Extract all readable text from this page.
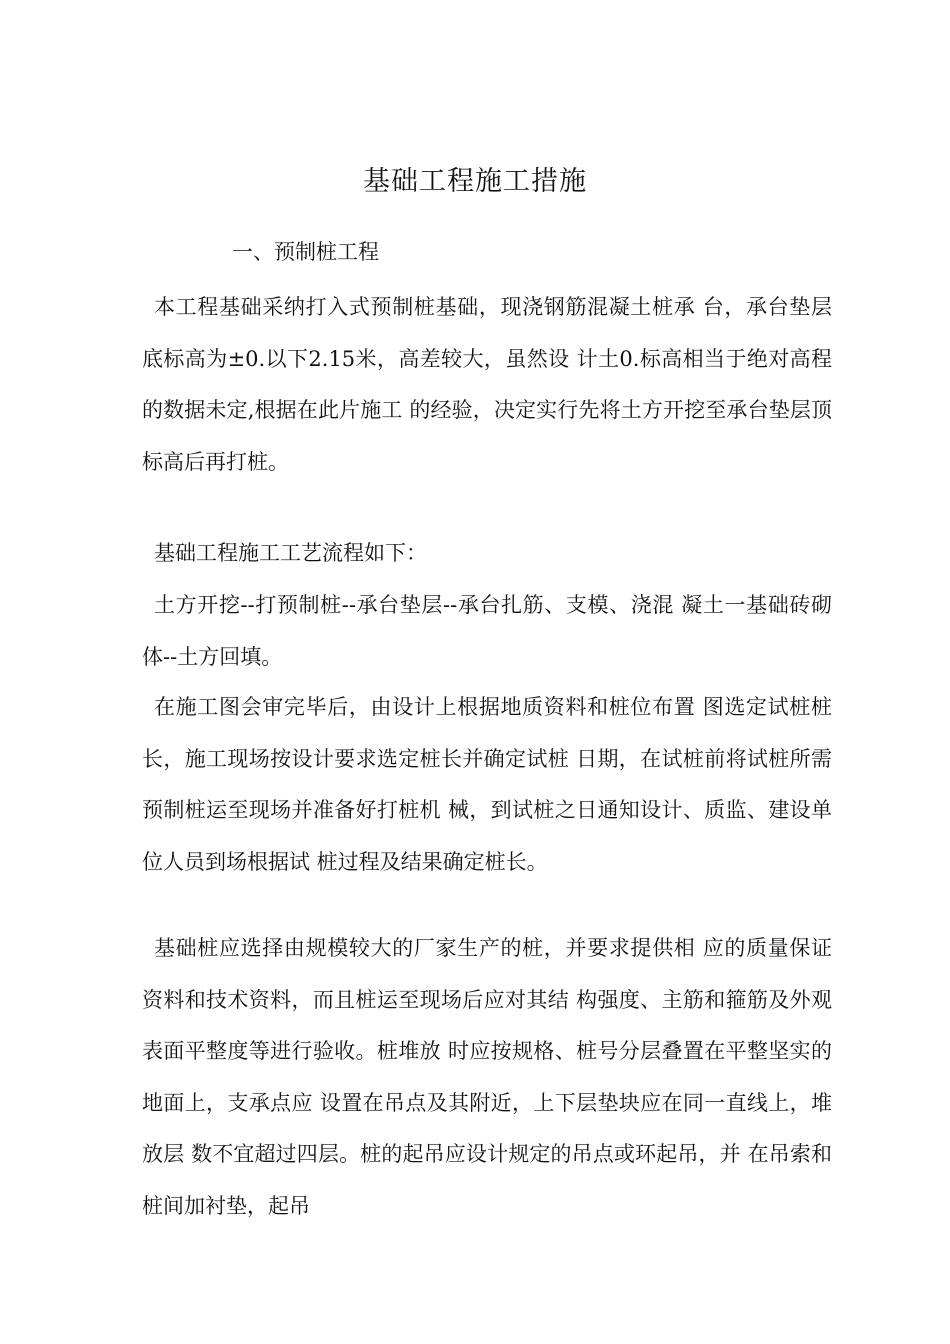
基础工程施工措施
一、预制桩工程

本工程基础采纳打入式预制桩基础，现浇钢筋混凝土桩承 台，承台垫层底标高为±0.以下2.15米，高差较大，虽然设 计土0.标高相当于绝对高程的数据未定,根据在此片施工 的经验，决定实行先将土方开挖至承台垫层顶标高后再打桩。

基础工程施工工艺流程如下：

土方开挖--打预制桩--承台垫层--承台扎筋、支模、浇混 凝土一基础砖砌体--土方回填。

在施工图会审完毕后，由设计上根据地质资料和桩位布置 图选定试桩桩长，施工现场按设计要求选定桩长并确定试桩 日期，在试桩前将试桩所需预制桩运至现场并准备好打桩机 械，到试桩之日通知设计、质监、建设单位人员到场根据试 桩过程及结果确定桩长。

基础桩应选择由规模较大的厂家生产的桩，并要求提供相 应的质量保证资料和技术资料，而且桩运至现场后应对其结 构强度、主筋和箍筋及外观表面平整度等进行验收。桩堆放 时应按规格、桩号分层叠置在平整坚实的地面上，支承点应 设置在吊点及其附近，上下层垫块应在同一直线上，堆放层 数不宜超过四层。桩的起吊应设计规定的吊点或环起吊，并 在吊索和桩间加衬垫，起吊
